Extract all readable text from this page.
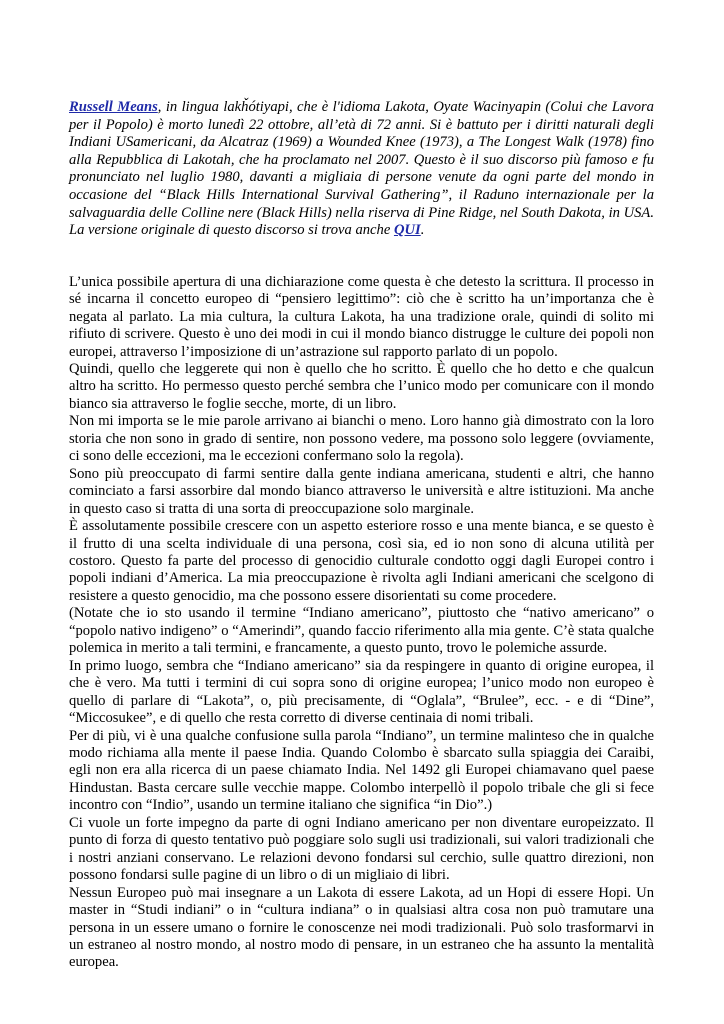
Russell Means, in lingua lakȟótiyapi, che è l'idioma Lakota, Oyate Wacinyapin (Colui che Lavora per il Popolo) è morto lunedì 22 ottobre, all’età di 72 anni. Si è battuto per i diritti naturali degli Indiani USamericani, da Alcatraz (1969) a Wounded Knee (1973), a The Longest Walk (1978) fino alla Repubblica di Lakotah, che ha proclamato nel 2007. Questo è il suo discorso più famoso e fu pronunciato nel luglio 1980, davanti a migliaia di persone venute da ogni parte del mondo in occasione del “Black Hills International Survival Gathering”, il Raduno internazionale per la salvaguardia delle Colline nere (Black Hills) nella riserva di Pine Ridge, nel South Dakota, in USA. La versione originale di questo discorso si trova anche QUI.

L’unica possibile apertura di una dichiarazione come questa è che detesto la scrittura. Il processo in sé incarna il concetto europeo di “pensiero legittimo”: ciò che è scritto ha un’importanza che è negata al parlato. La mia cultura, la cultura Lakota, ha una tradizione orale, quindi di solito mi rifiuto di scrivere. Questo è uno dei modi in cui il mondo bianco distrugge le culture dei popoli non europei, attraverso l’imposizione di un’astrazione sul rapporto parlato di un popolo.

Quindi, quello che leggerete qui non è quello che ho scritto. È quello che ho detto e che qualcun altro ha scritto. Ho permesso questo perché sembra che l’unico modo per comunicare con il mondo bianco sia attraverso le foglie secche, morte, di un libro.

Non mi importa se le mie parole arrivano ai bianchi o meno. Loro hanno già dimostrato con la loro storia che non sono in grado di sentire, non possono vedere, ma possono solo leggere (ovviamente, ci sono delle eccezioni, ma le eccezioni confermano solo la regola).

Sono più preoccupato di farmi sentire dalla gente indiana americana, studenti e altri, che hanno cominciato a farsi assorbire dal mondo bianco attraverso le università e altre istituzioni. Ma anche in questo caso si tratta di una sorta di preoccupazione solo marginale.

È assolutamente possibile crescere con un aspetto esteriore rosso e una mente bianca, e se questo è il frutto di una scelta individuale di una persona, così sia, ed io non sono di alcuna utilità per costoro. Questo fa parte del processo di genocidio culturale condotto oggi dagli Europei contro i popoli indiani d’America. La mia preoccupazione è rivolta agli Indiani americani che scelgono di resistere a questo genocidio, ma che possono essere disorientati su come procedere.

(Notate che io sto usando il termine “Indiano americano”, piuttosto che “nativo americano” o “popolo nativo indigeno” o “Amerindi”, quando faccio riferimento alla mia gente. C’è stata qualche polemica in merito a tali termini, e francamente, a questo punto, trovo le polemiche assurde.

In primo luogo, sembra che “Indiano americano” sia da respingere in quanto di origine europea, il che è vero. Ma tutti i termini di cui sopra sono di origine europea; l’unico modo non europeo è quello di parlare di “Lakota”, o, più precisamente, di “Oglala”, “Brulee”, ecc. - e di “Dine”, “Miccosukee”, e di quello che resta corretto di diverse centinaia di nomi tribali.

Per di più, vi è una qualche confusione sulla parola “Indiano”, un termine malinteso che in qualche modo richiama alla mente il paese India. Quando Colombo è sbarcato sulla spiaggia dei Caraibi, egli non era alla ricerca di un paese chiamato India. Nel 1492 gli Europei chiamavano quel paese Hindustan. Basta cercare sulle vecchie mappe. Colombo interpellò il popolo tribale che gli si fece incontro con “Indio”, usando un termine italiano che significa “in Dio”.)

Ci vuole un forte impegno da parte di ogni Indiano americano per non diventare europeizzato. Il punto di forza di questo tentativo può poggiare solo sugli usi tradizionali, sui valori tradizionali che i nostri anziani conservano. Le relazioni devono fondarsi sul cerchio, sulle quattro direzioni, non possono fondarsi sulle pagine di un libro o di un migliaio di libri.

Nessun Europeo può mai insegnare a un Lakota di essere Lakota, ad un Hopi di essere Hopi. Un master in “Studi indiani” o in “cultura indiana” o in qualsiasi altra cosa non può tramutare una persona in un essere umano o fornire le conoscenze nei modi tradizionali. Può solo trasformarvi in un estraneo al nostro mondo, al nostro modo di pensare, in un estraneo che ha assunto la mentalità europea.
